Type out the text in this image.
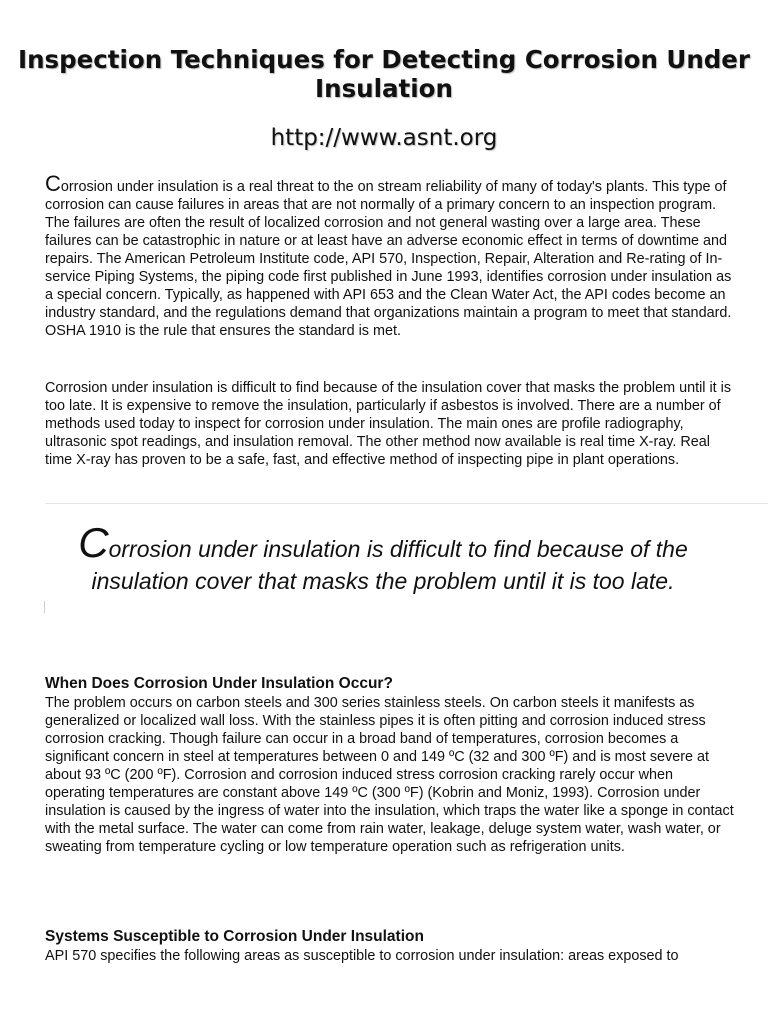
Inspection Techniques for Detecting Corrosion Under Insulation
http://www.asnt.org
Corrosion under insulation is a real threat to the on stream reliability of many of today's plants. This type of corrosion can cause failures in areas that are not normally of a primary concern to an inspection program. The failures are often the result of localized corrosion and not general wasting over a large area. These failures can be catastrophic in nature or at least have an adverse economic effect in terms of downtime and repairs. The American Petroleum Institute code, API 570, Inspection, Repair, Alteration and Re-rating of In-service Piping Systems, the piping code first published in June 1993, identifies corrosion under insulation as a special concern. Typically, as happened with API 653 and the Clean Water Act, the API codes become an industry standard, and the regulations demand that organizations maintain a program to meet that standard. OSHA 1910 is the rule that ensures the standard is met.
Corrosion under insulation is difficult to find because of the insulation cover that masks the problem until it is too late. It is expensive to remove the insulation, particularly if asbestos is involved. There are a number of methods used today to inspect for corrosion under insulation. The main ones are profile radiography, ultrasonic spot readings, and insulation removal. The other method now available is real time X-ray. Real time X-ray has proven to be a safe, fast, and effective method of inspecting pipe in plant operations.
Corrosion under insulation is difficult to find because of the insulation cover that masks the problem until it is too late.
When Does Corrosion Under Insulation Occur?
The problem occurs on carbon steels and 300 series stainless steels. On carbon steels it manifests as generalized or localized wall loss. With the stainless pipes it is often pitting and corrosion induced stress corrosion cracking. Though failure can occur in a broad band of temperatures, corrosion becomes a significant concern in steel at temperatures between 0 and 149 ºC (32 and 300 ºF) and is most severe at about 93 ºC (200 ºF). Corrosion and corrosion induced stress corrosion cracking rarely occur when operating temperatures are constant above 149 ºC (300 ºF) (Kobrin and Moniz, 1993). Corrosion under insulation is caused by the ingress of water into the insulation, which traps the water like a sponge in contact with the metal surface. The water can come from rain water, leakage, deluge system water, wash water, or sweating from temperature cycling or low temperature operation such as refrigeration units.
Systems Susceptible to Corrosion Under Insulation
API 570 specifies the following areas as susceptible to corrosion under insulation: areas exposed to
